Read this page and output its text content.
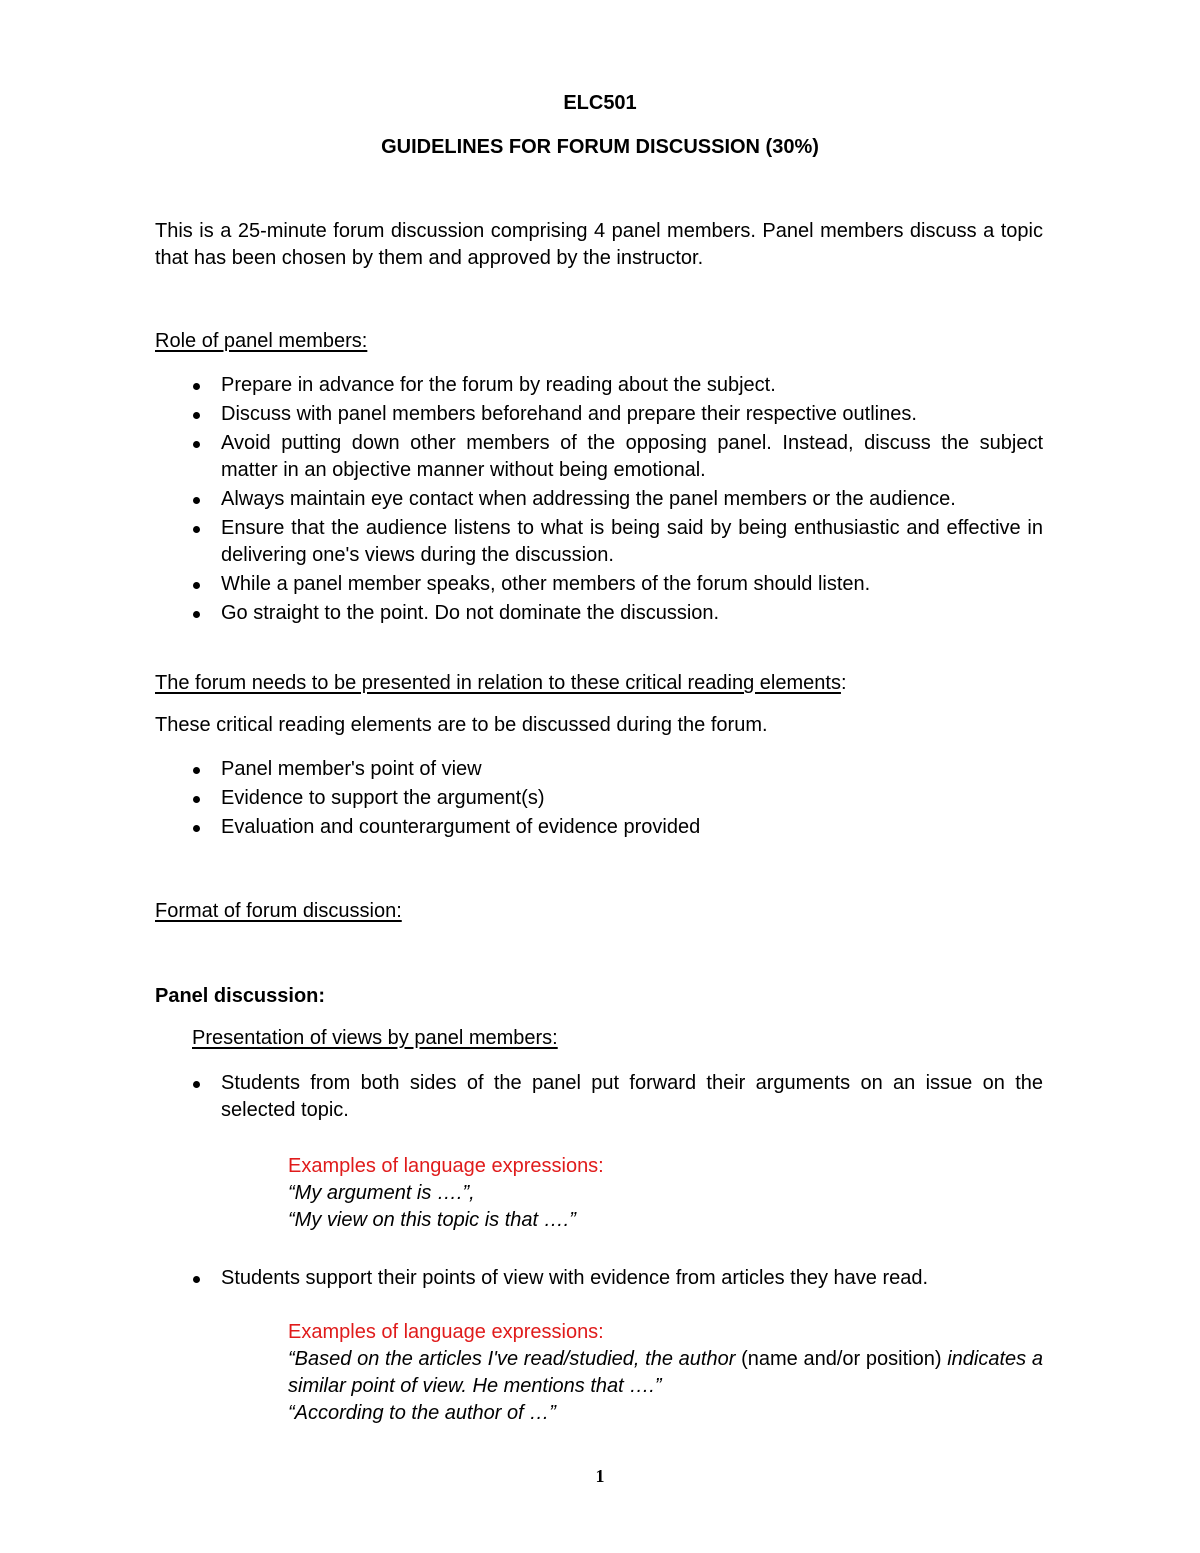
ELC501
GUIDELINES FOR FORUM DISCUSSION (30%)
This is a 25-minute forum discussion comprising 4 panel members. Panel members discuss a topic that has been chosen by them and approved by the instructor.
Role of panel members:
Prepare in advance for the forum by reading about the subject.
Discuss with panel members beforehand and prepare their respective outlines.
Avoid putting down other members of the opposing panel. Instead, discuss the subject matter in an objective manner without being emotional.
Always maintain eye contact when addressing the panel members or the audience.
Ensure that the audience listens to what is being said by being enthusiastic and effective in delivering one's views during the discussion.
While a panel member speaks, other members of the forum should listen.
Go straight to the point. Do not dominate the discussion.
The forum needs to be presented in relation to these critical reading elements:
These critical reading elements are to be discussed during the forum.
Panel member's point of view
Evidence to support the argument(s)
Evaluation and counterargument of evidence provided
Format of forum discussion:
Panel discussion:
Presentation of views by panel members:
Students from both sides of the panel put forward their arguments on an issue on the selected topic.
Examples of language expressions:
“My argument is ….”,
“My view on this topic is that ….”
Students support their points of view with evidence from articles they have read.
Examples of language expressions:
“Based on the articles I've read/studied, the author (name and/or position) indicates a similar point of view. He mentions that ….”
“According to the author of …”
1
